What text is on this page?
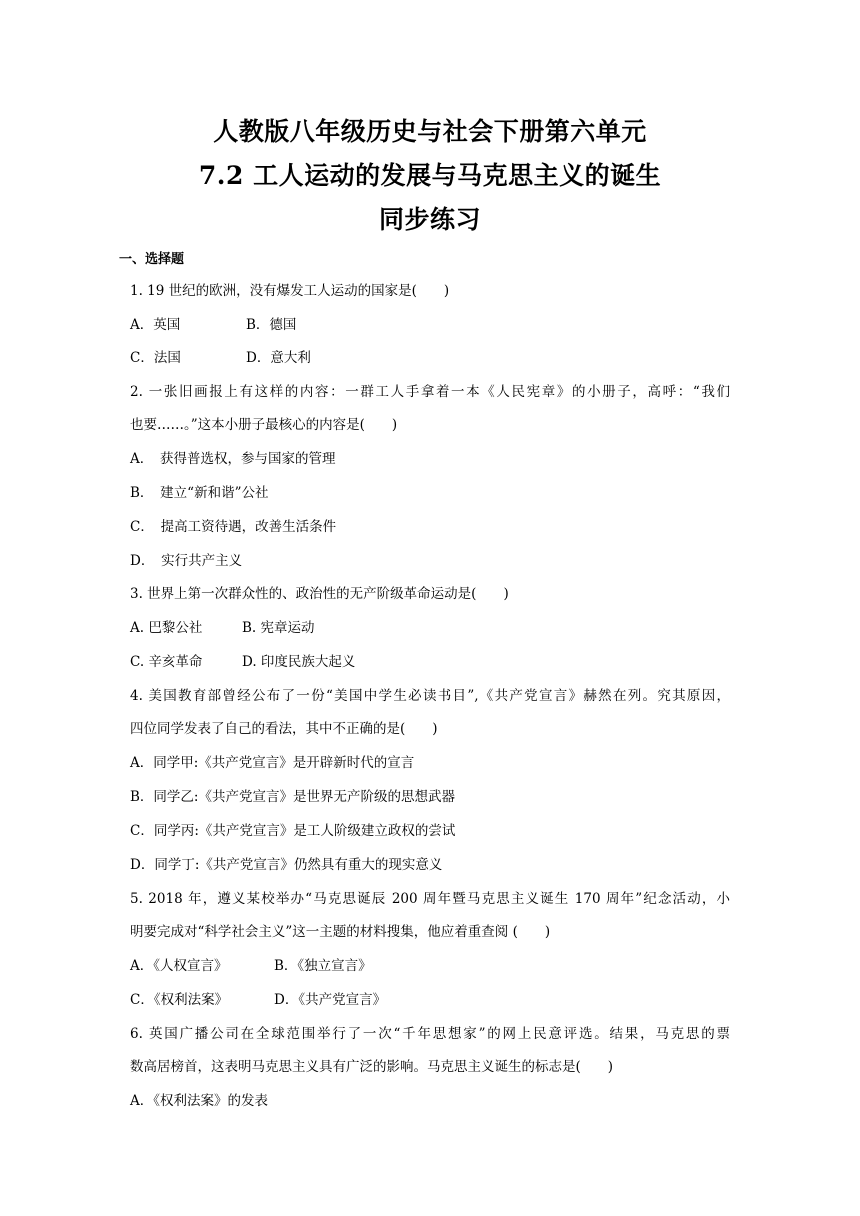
人教版八年级历史与社会下册第六单元
7.2 工人运动的发展与马克思主义的诞生
同步练习
一、选择题
1. 19 世纪的欧洲，没有爆发工人运动的国家是(　　)
A．英国	B．德国
C．法国	D．意大利
2. 一张旧画报上有这样的内容：一群工人手拿着一本《人民宪章》的小册子，高呼：“我们
也要……。”这本小册子最核心的内容是(　　)
A．　获得普选权，参与国家的管理
B．　建立“新和谐”公社
C．　提高工资待遇，改善生活条件
D．　实行共产主义
3. 世界上第一次群众性的、政治性的无产阶级革命运动是(　　)
A. 巴黎公社	B. 宪章运动
C. 辛亥革命	D. 印度民族大起义
4. 美国教育部曾经公布了一份“美国中学生必读书目”,《共产党宣言》赫然在列。究其原因，
四位同学发表了自己的看法，其中不正确的是(　　)
A．同学甲:《共产党宣言》是开辟新时代的宣言
B．同学乙:《共产党宣言》是世界无产阶级的思想武器
C．同学丙:《共产党宣言》是工人阶级建立政权的尝试
D．同学丁:《共产党宣言》仍然具有重大的现实意义
5. 2018 年，遵义某校举办“马克思诞辰 200 周年暨马克思主义诞生 170 周年”纪念活动，小
明要完成对“科学社会主义”这一主题的材料搜集，他应着重查阅 (　　)
A．《人权宣言》	B．《独立宣言》
C．《权利法案》	D．《共产党宣言》
6. 英国广播公司在全球范围举行了一次“千年思想家”的网上民意评选。结果，马克思的票
数高居榜首，这表明马克思主义具有广泛的影响。马克思主义诞生的标志是(　　)
A．《权利法案》的发表
